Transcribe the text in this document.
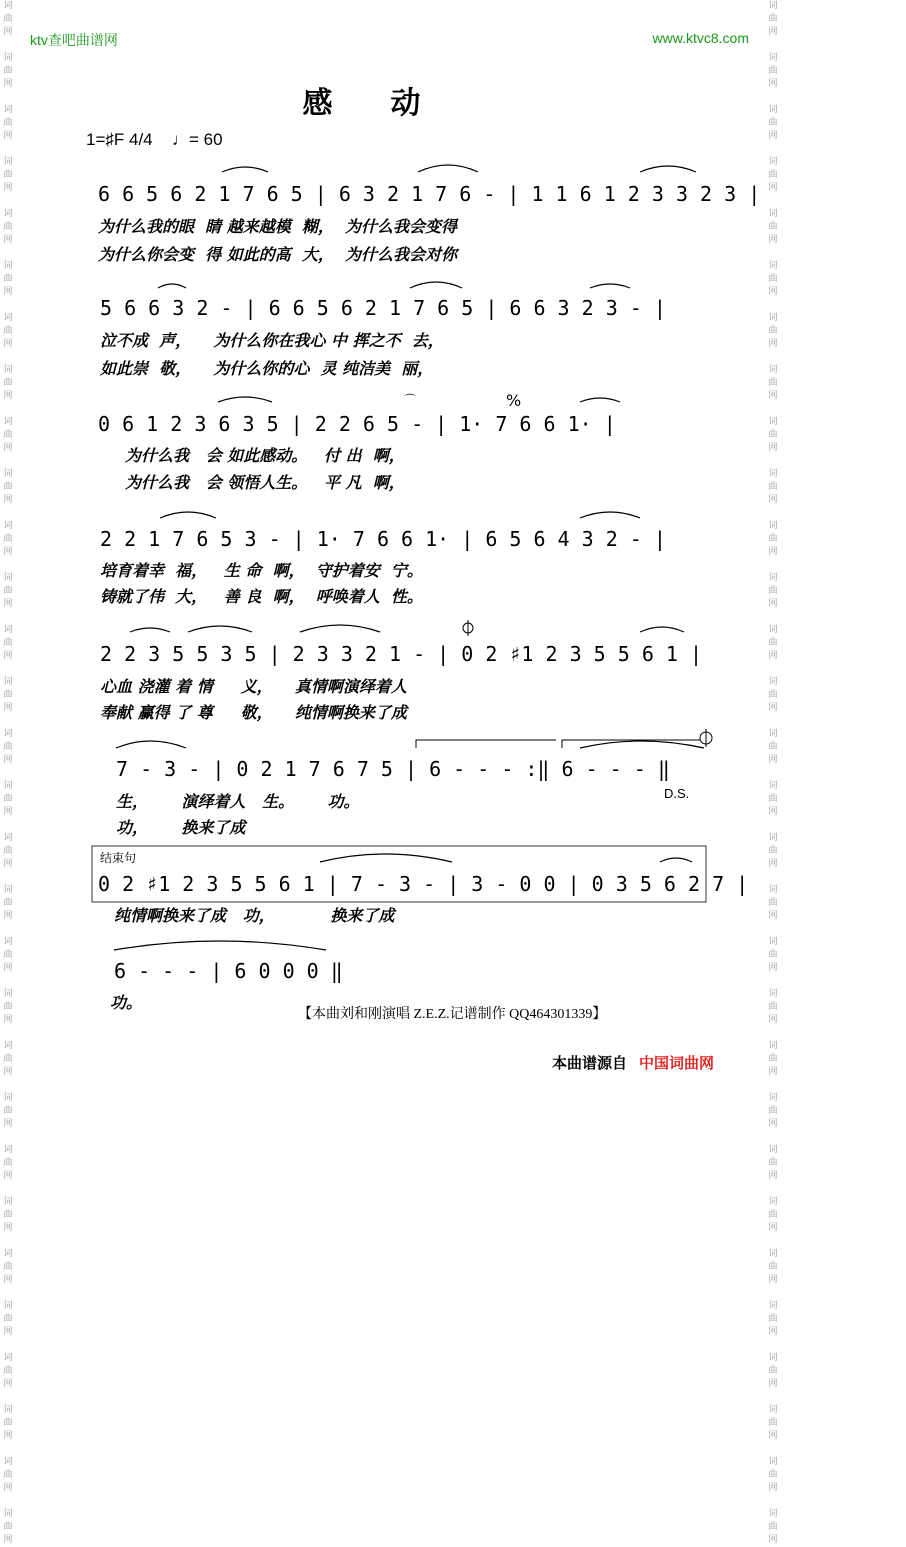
词
曲
网

词
曲
网

词
曲
网

词
曲
网

词
曲
网

词
曲
网

词
曲
网

词
曲
网

词
曲
网

词
曲
网

词
曲
网

词
曲
网

词
曲
网

词
曲
网

词
曲
网

词
曲
网

词
曲
网

词
曲
网

词
曲
网

词
曲
网

词
曲
网

词
曲
网

词
曲
网

词
曲
网

词
曲
网

词
曲
网

词
曲
网

词
曲
网

词
曲
网

词
曲
网

词
曲
网

词
曲
网

词
曲
网

词
曲
网

词
曲
网

词
曲
网

词
曲
网

词
曲
网

词
曲
网

词
曲
网

词
曲
网

词
曲
网

词
曲
网

词
曲
网

词
曲
网

词
曲
网

词
曲
网

词
曲
网

词
曲
网

词
曲
网

词
曲
网

词
曲
网

词
曲
网

词
曲
网

词
曲
网

词
曲
网

词
曲
网

词
曲
网

词
曲
网

词
曲
网

ktv查吧曲谱网	www.ktvc8.com
感动
1=♯F 4/4 ♩= 60
6 6 5 6 2 1 7 6 5 | 6 3 2 1 7 6 - | 1 1 6 1 2 3 3 2 3 |
为什么我的眼  睛 越来越模  糊，  为什么我会变得
为什么你会变  得 如此的高  大，  为什么我会对你
5 6 6 3 2 - | 6 6 5 6 2 1 7 6 5 | 6 6 3 2 3 - |
泣不成  声，    为什么你在我心 中 挥之不  去，
如此崇  敬，    为什么你的心  灵 纯洁美  丽，
0 6 1 2 3 6 3 5 | 2 2 6 5 - | 1· 7 6 6 1· |
为什么我   会 如此感动。   付 出  啊，
为什么我   会 领悟人生。   平 凡  啊，
2 2 1 7 6 5 3 - | 1· 7 6 6 1· | 6 5 6 4 3 2 - |
培育着幸  福，   生 命  啊，  守护着安  宁。
铸就了伟  大，   善 良  啊，  呼唤着人  性。
2 2 3 5 5 3 5 | 2 3 3 2 1 - | 0 2 ♯1 2 3 5 5 6 1 |
心血 浇灌 着 情     义，    真情啊演绎着人
奉献 赢得 了 尊     敬，    纯情啊换来了成
7 - 3 - | 0 2 1 7 6 7 5 | 6 - - - :‖ 6 - - - ‖
生，      演绎着人   生。      功。
功，      换来了成
D.S.
结束句
0 2 ♯1 2 3 5 5 6 1 | 7 - 3 - | 3 - 0 0 | 0 3 5 6 2 7 |
纯情啊换来了成   功，          换来了成
6 - - - | 6 0 0 0 ‖
功。
【本曲刘和刚演唱 Z.E.Z.记谱制作 QQ464301339】
本曲谱源自 中国词曲网
%
⌒
